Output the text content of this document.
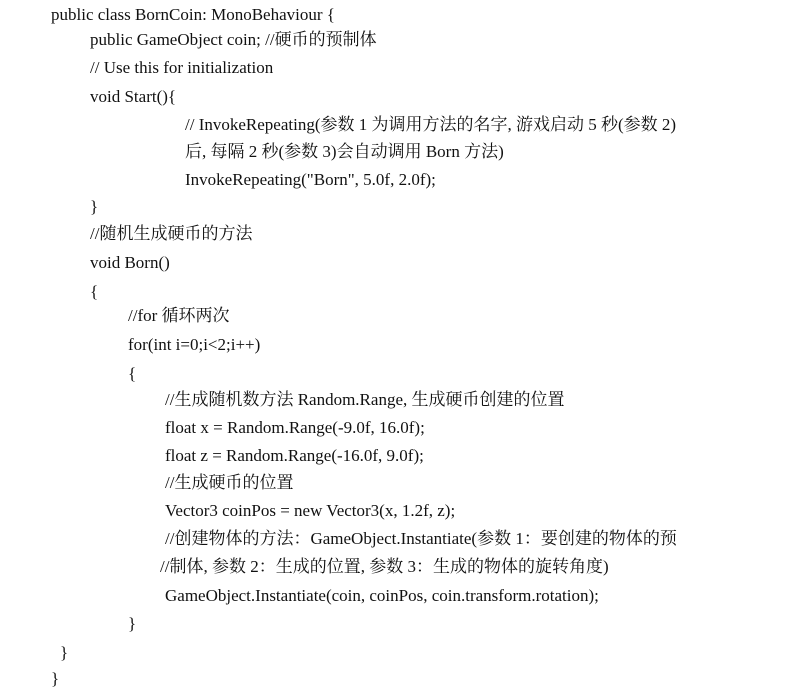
public class BornCoin: MonoBehaviour {
public GameObject coin; //硬币的预制体
// Use this for initialization
void Start(){
// InvokeRepeating(参数 1 为调用方法的名字, 游戏启动 5 秒(参数 2)
后, 每隔 2 秒(参数 3)会自动调用 Born 方法)
InvokeRepeating("Born", 5.0f, 2.0f);
}
//随机生成硬币的方法
void Born()
{
//for 循环两次
for(int i=0;i<2;i++)
{
//生成随机数方法 Random.Range, 生成硬币创建的位置
float x = Random.Range(-9.0f, 16.0f);
float z = Random.Range(-16.0f, 9.0f);
//生成硬币的位置
Vector3 coinPos = new Vector3(x, 1.2f, z);
//创建物体的方法：GameObject.Instantiate(参数 1：要创建的物体的预
//制体, 参数 2：生成的位置, 参数 3：生成的物体的旋转角度)
GameObject.Instantiate(coin, coinPos, coin.transform.rotation);
}
}
}
